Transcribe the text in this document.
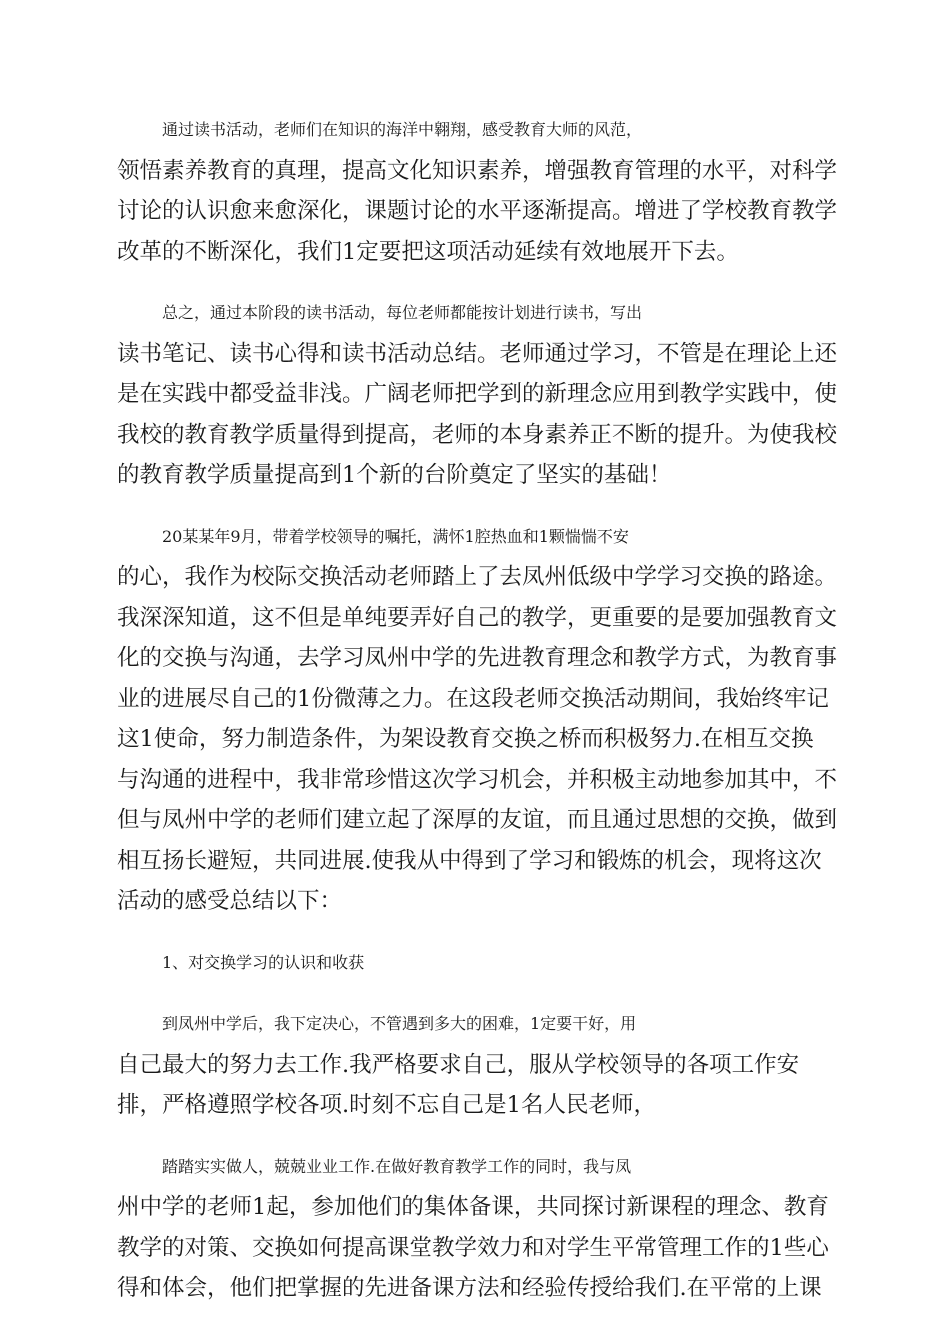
通过读书活动，老师们在知识的海洋中翱翔，感受教育大师的风范，
领悟素养教育的真理，提高文化知识素养，增强教育管理的水平，对科学
讨论的认识愈来愈深化，课题讨论的水平逐渐提高。增进了学校教育教学
改革的不断深化，我们1定要把这项活动延续有效地展开下去。

总之，通过本阶段的读书活动，每位老师都能按计划进行读书，写出
读书笔记、读书心得和读书活动总结。老师通过学习，不管是在理论上还
是在实践中都受益非浅。广阔老师把学到的新理念应用到教学实践中，使
我校的教育教学质量得到提高，老师的本身素养正不断的提升。为使我校
的教育教学质量提高到1个新的台阶奠定了坚实的基础！

20某某年9月，带着学校领导的嘱托，满怀1腔热血和1颗惴惴不安
的心，我作为校际交换活动老师踏上了去凤州低级中学学习交换的路途。
我深深知道，这不但是单纯要弄好自己的教学，更重要的是要加强教育文
化的交换与沟通，去学习凤州中学的先进教育理念和教学方式，为教育事
业的进展尽自己的1份微薄之力。在这段老师交换活动期间，我始终牢记
这1使命，努力制造条件，为架设教育交换之桥而积极努力.在相互交换
与沟通的进程中，我非常珍惜这次学习机会，并积极主动地参加其中，不
但与凤州中学的老师们建立起了深厚的友谊，而且通过思想的交换，做到
相互扬长避短，共同进展.使我从中得到了学习和锻炼的机会，现将这次
活动的感受总结以下：

1、对交换学习的认识和收获

到凤州中学后，我下定决心，不管遇到多大的困难，1定要干好，用
自己最大的努力去工作.我严格要求自己，服从学校领导的各项工作安
排，严格遵照学校各项.时刻不忘自己是1名人民老师，

踏踏实实做人，兢兢业业工作.在做好教育教学工作的同时，我与凤
州中学的老师1起，参加他们的集体备课，共同探讨新课程的理念、教育
教学的对策、交换如何提高课堂教学效力和对学生平常管理工作的1些心
得和体会，他们把掌握的先进备课方法和经验传授给我们.在平常的上课
